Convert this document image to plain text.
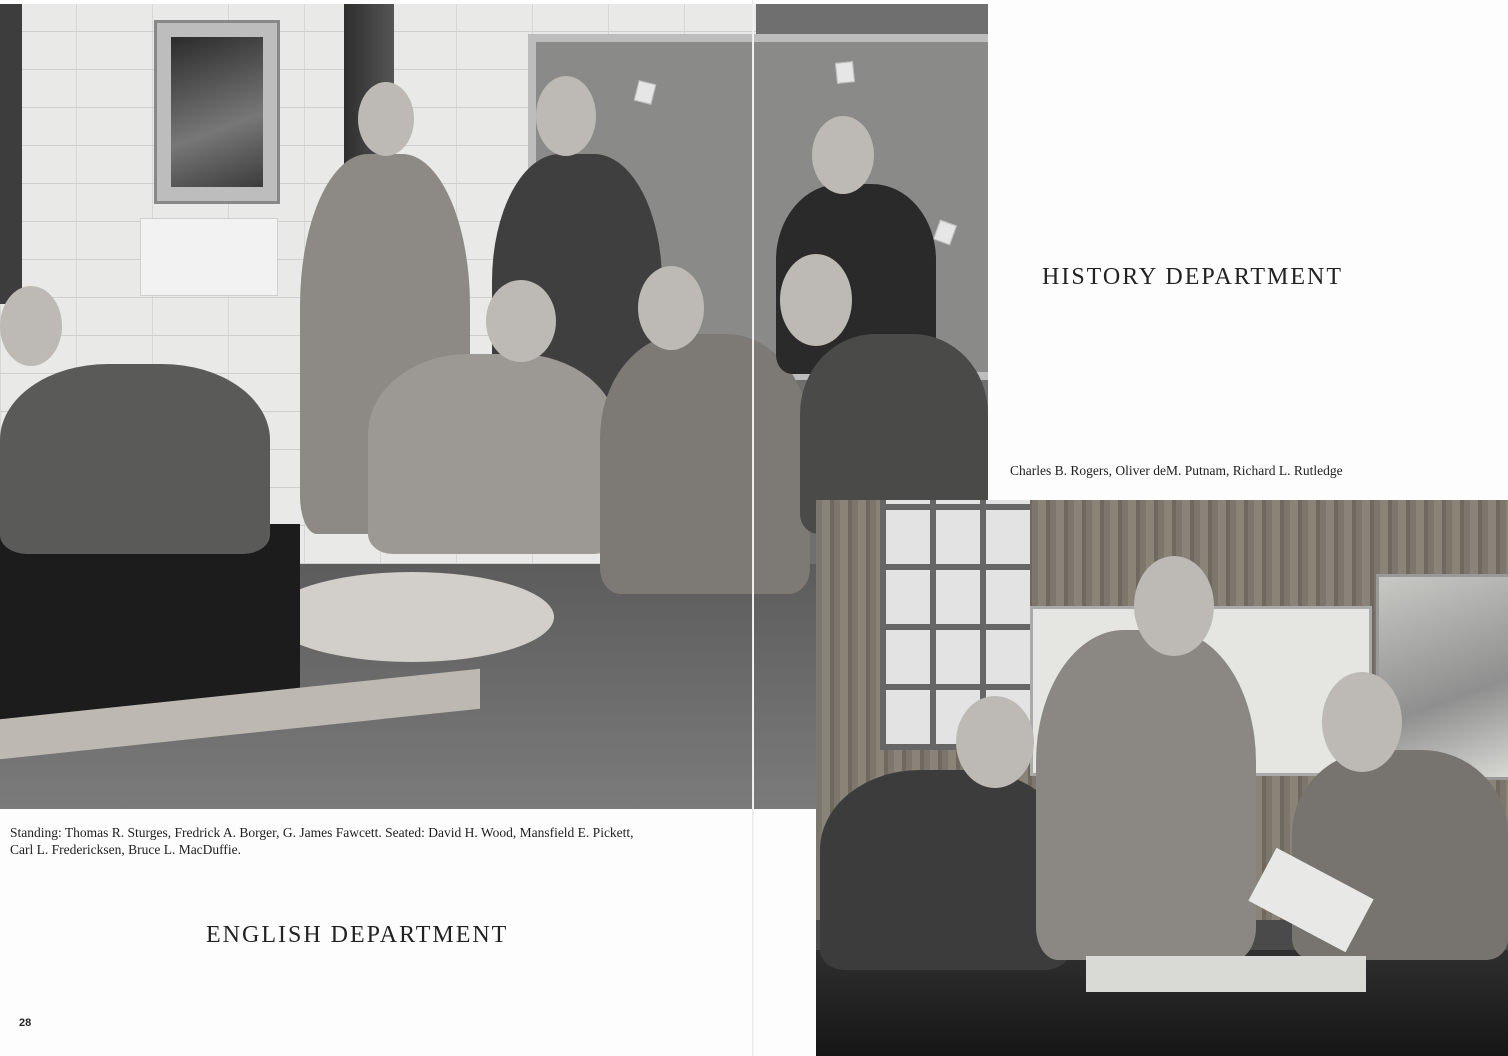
HISTORY DEPARTMENT
Charles B. Rogers, Oliver deM. Putnam, Richard L. Rutledge
Standing: Thomas R. Sturges, Fredrick A. Borger, G. James Fawcett. Seated: David H. Wood, Mansfield E. Pickett,
Carl L. Fredericksen, Bruce L. MacDuffie.
ENGLISH DEPARTMENT
28
